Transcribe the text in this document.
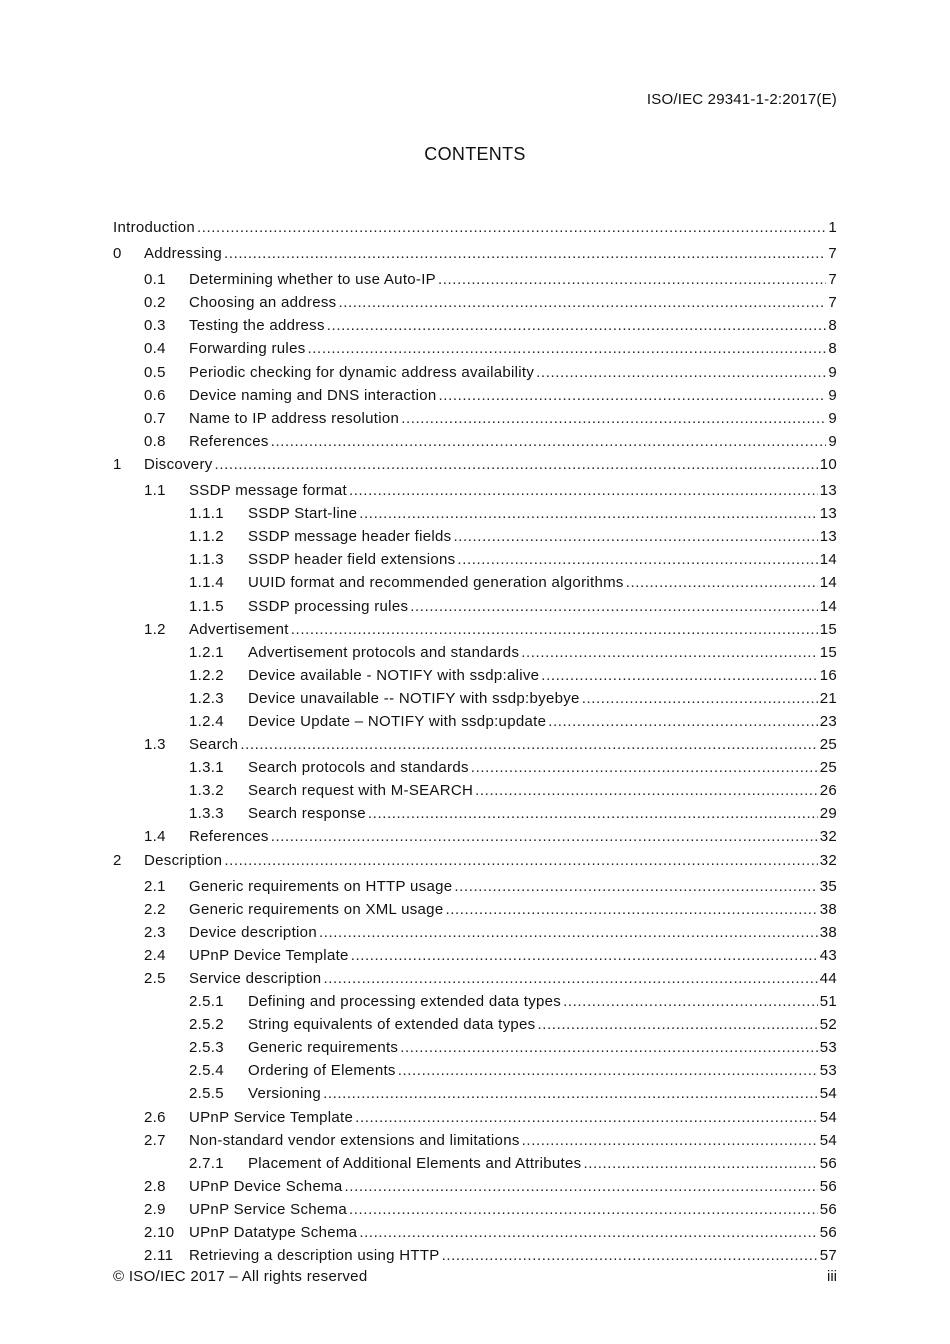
ISO/IEC 29341-1-2:2017(E)
CONTENTS
Introduction .....	1
0	Addressing .....	7
0.1	Determining whether to use Auto-IP .....	7
0.2	Choosing an address .....	7
0.3	Testing the address .....	8
0.4	Forwarding rules .....	8
0.5	Periodic checking for dynamic address availability .....	9
0.6	Device naming and DNS interaction .....	9
0.7	Name to IP address resolution .....	9
0.8	References .....	9
1	Discovery .....	10
1.1	SSDP message format .....	13
1.1.1	SSDP Start-line .....	13
1.1.2	SSDP message header fields .....	13
1.1.3	SSDP header field extensions .....	14
1.1.4	UUID format and recommended generation algorithms .....	14
1.1.5	SSDP processing rules .....	14
1.2	Advertisement .....	15
1.2.1	Advertisement protocols and standards .....	15
1.2.2	Device available - NOTIFY with ssdp:alive .....	16
1.2.3	Device unavailable -- NOTIFY with ssdp:byebye .....	21
1.2.4	Device Update – NOTIFY with ssdp:update .....	23
1.3	Search .....	25
1.3.1	Search protocols and standards .....	25
1.3.2	Search request with M-SEARCH .....	26
1.3.3	Search response .....	29
1.4	References .....	32
2	Description .....	32
2.1	Generic requirements on HTTP usage .....	35
2.2	Generic requirements on XML usage .....	38
2.3	Device description .....	38
2.4	UPnP Device Template .....	43
2.5	Service description .....	44
2.5.1	Defining and processing extended data types .....	51
2.5.2	String equivalents of extended data types .....	52
2.5.3	Generic requirements .....	53
2.5.4	Ordering of Elements .....	53
2.5.5	Versioning .....	54
2.6	UPnP Service Template .....	54
2.7	Non-standard vendor extensions and limitations .....	54
2.7.1	Placement of Additional Elements and Attributes .....	56
2.8	UPnP Device Schema .....	56
2.9	UPnP Service Schema .....	56
2.10 UPnP Datatype Schema .....	56
2.11	Retrieving a description using HTTP .....	57
© ISO/IEC 2017 – All rights reserved	iii
